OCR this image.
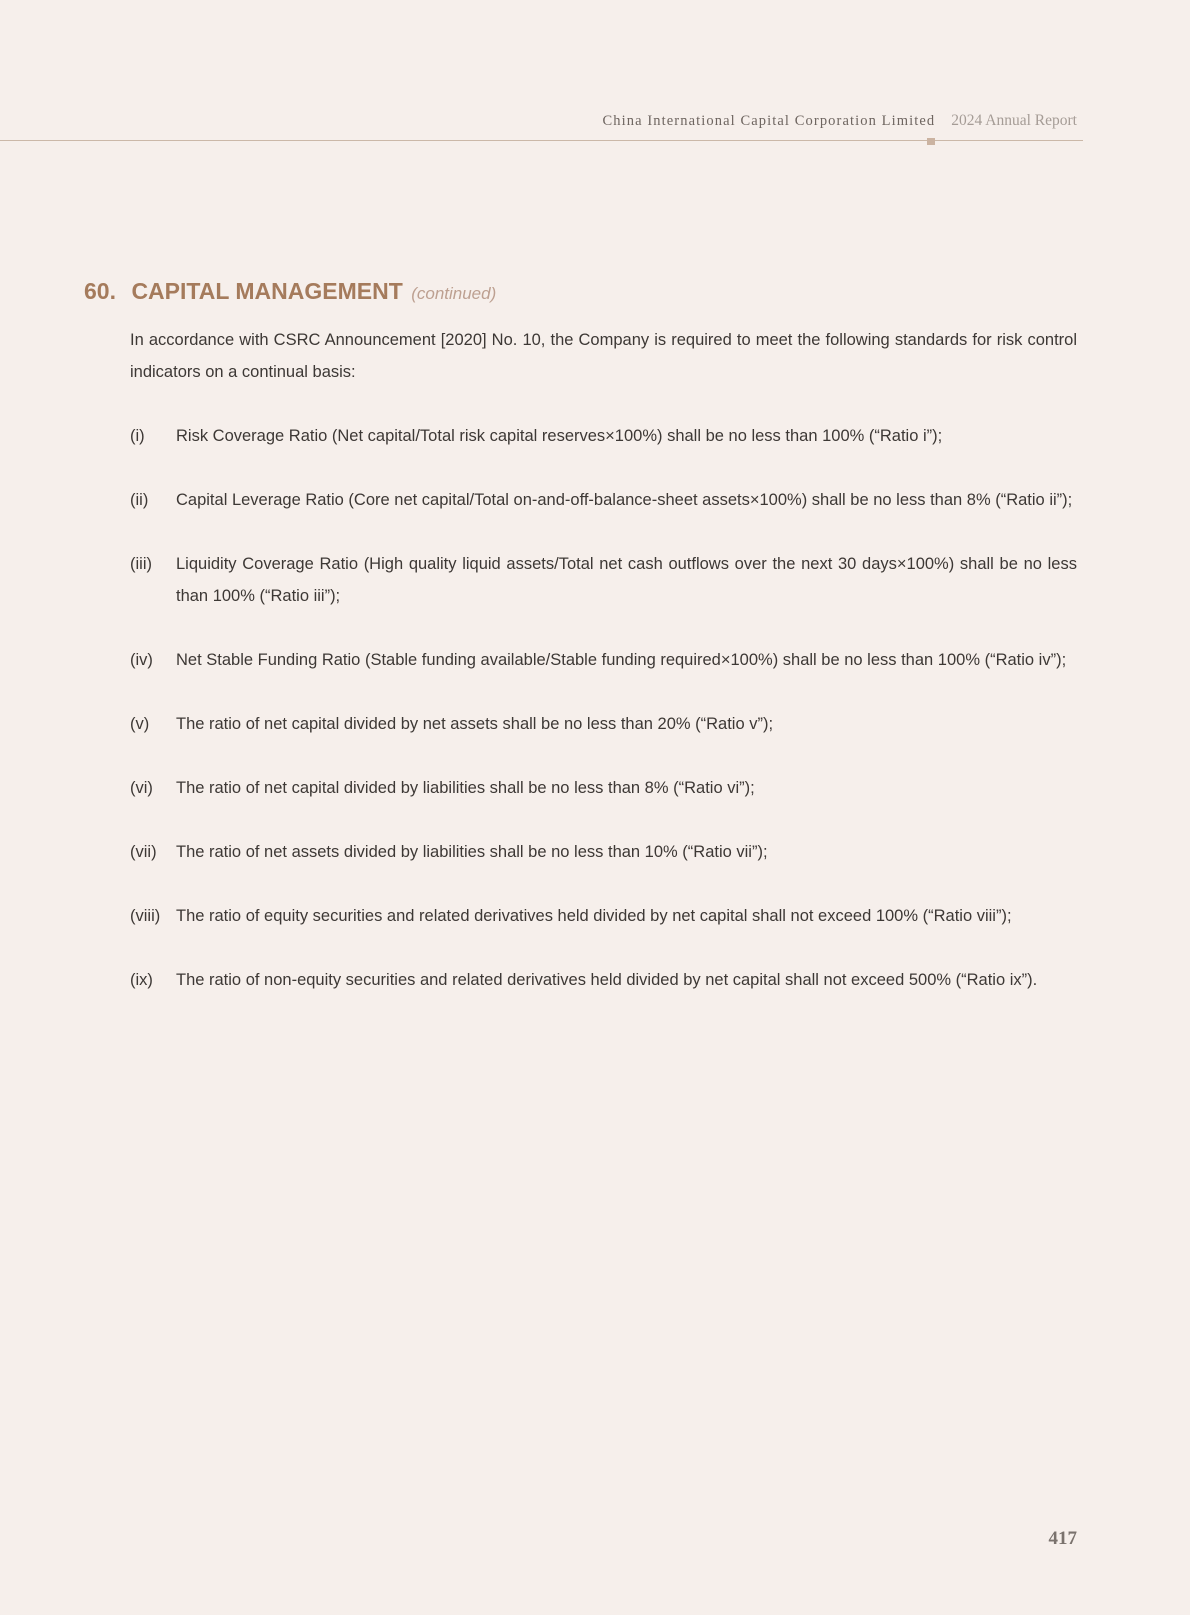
China International Capital Corporation Limited 2024 Annual Report
60. CAPITAL MANAGEMENT (continued)

In accordance with CSRC Announcement [2020] No. 10, the Company is required to meet the following standards for risk control indicators on a continual basis:

(i)	Risk Coverage Ratio (Net capital/Total risk capital reserves×100%) shall be no less than 100% (“Ratio i”);
(ii)	Capital Leverage Ratio (Core net capital/Total on-and-off-balance-sheet assets×100%) shall be no less than 8% (“Ratio ii”);
(iii)	Liquidity Coverage Ratio (High quality liquid assets/Total net cash outflows over the next 30 days×100%) shall be no less than 100% (“Ratio iii”);
(iv)	Net Stable Funding Ratio (Stable funding available/Stable funding required×100%) shall be no less than 100% (“Ratio iv”);
(v)	The ratio of net capital divided by net assets shall be no less than 20% (“Ratio v”);
(vi)	The ratio of net capital divided by liabilities shall be no less than 8% (“Ratio vi”);
(vii)	The ratio of net assets divided by liabilities shall be no less than 10% (“Ratio vii”);
(viii) The ratio of equity securities and related derivatives held divided by net capital shall not exceed 100% (“Ratio viii”);
(ix)	The ratio of non-equity securities and related derivatives held divided by net capital shall not exceed 500% (“Ratio ix”).
417
